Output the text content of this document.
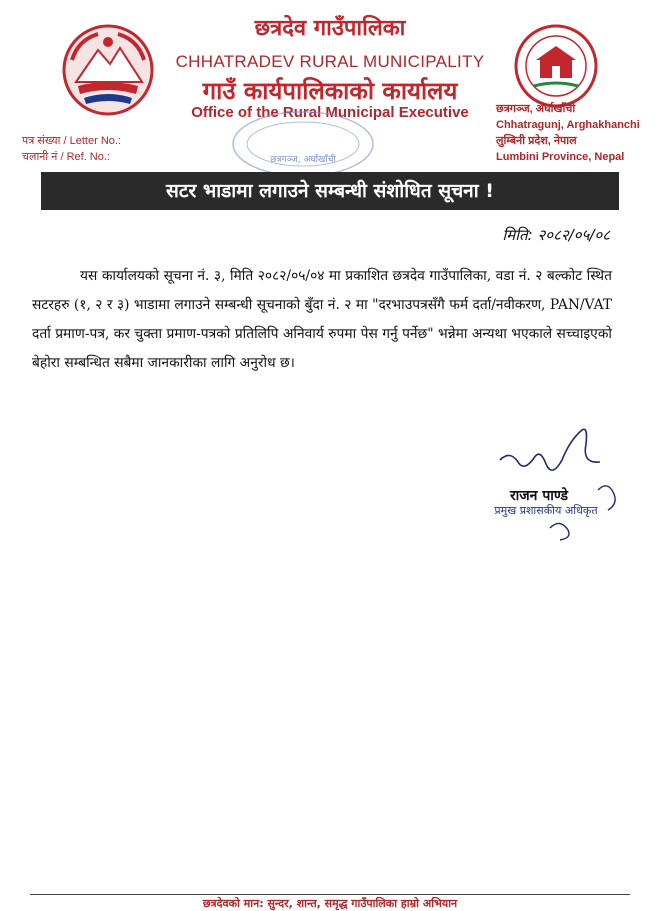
छत्रदेव गाउँपालिका
CHHATRADEV RURAL MUNICIPALITY
गाउँ कार्यपालिकाको कार्यालय
Office of the Rural Municipal Executive	छत्रगञ्ज, अर्घाखाँची
Chhatragunj, Arghakhanchi
लुम्बिनी प्रदेश, नेपाल
Lumbini Province, Nepal
पत्र संख्या / Letter No.:
चलानी नं / Ref. No.:	छत्रगञ्ज, अर्घाखाँची
सटर भाडामा लगाउने सम्बन्धी संशोधित सूचना !
मिति: २०८२/०५/०८
यस कार्यालयको सूचना नं. ३, मिति २०८२/०५/०४ मा प्रकाशित छत्रदेव गाउँपालिका, वडा नं. २ बल्कोट स्थित सटरहरु (१, २ र ३) भाडामा लगाउने सम्बन्धी सूचनाको बुँदा नं. २ मा "दरभाउपत्रसँगै फर्म दर्ता/नवीकरण, PAN/VAT दर्ता प्रमाण-पत्र, कर चुक्ता प्रमाण-पत्रको प्रतिलिपि अनिवार्य रुपमा पेस गर्नु पर्नेछ" भन्नेमा अन्यथा भएकाले सच्चाइएको बेहोरा सम्बन्धित सबैमा जानकारीका लागि अनुरोध छ।
राजन पाण्डे
प्रमुख प्रशासकीय अधिकृत
छत्रदेवको मान: सुन्दर, शान्त, समृद्ध गाउँपालिका हाम्रो अभियान
